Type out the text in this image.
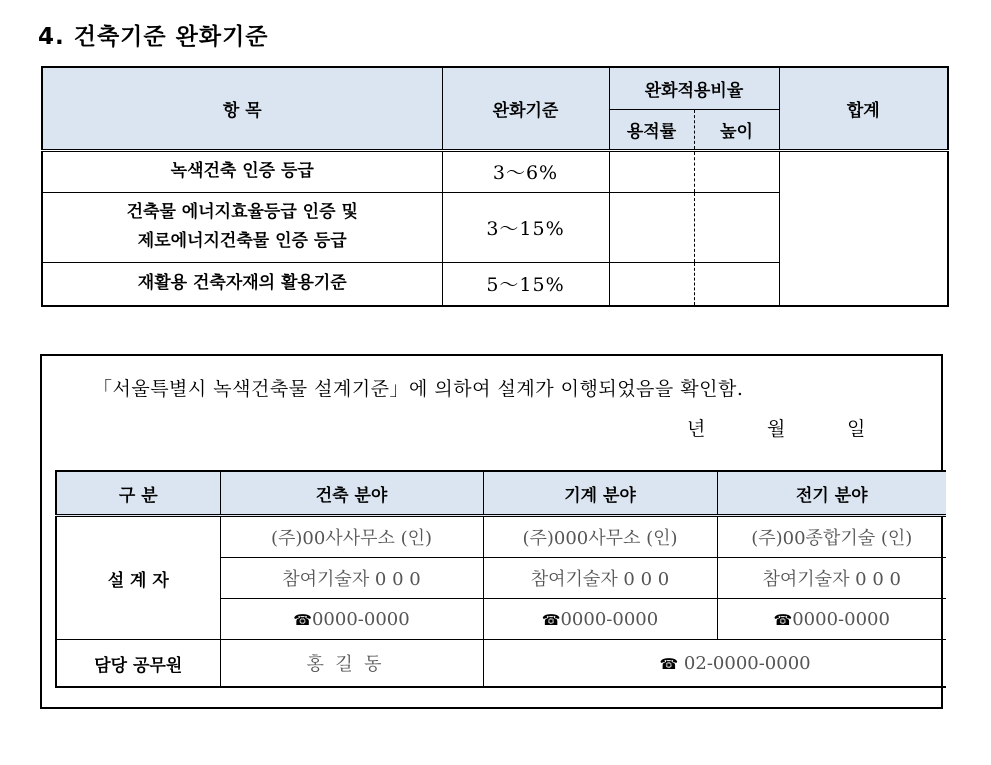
4. 건축기준 완화기준
항 목	완화기준	완화적용비율		합계
		용적률	높이	
녹색건축 인증 등급	3～6%			

건축물 에너지효율등급 인증 및
제로에너지건축물 인증 등급	3～15%			
재활용 건축자재의 활용기준	5～15%			
「서울특별시 녹색건축물 설계기준」에 의하여 설계가 이행되었음을 확인함.
년	월	일
구 분	건축 분야	기계 분야	전기 분야
설 계 자	(주)00사사무소 (인)	(주)000사무소 (인)	(주)00종합기술 (인)
	참여기술자 0 0 0	참여기술자 0 0 0	참여기술자 0 0 0
	☎0000-0000	☎0000-0000	☎0000-0000
담당 공무원	홍  길  동	☎ 02-0000-0000	
